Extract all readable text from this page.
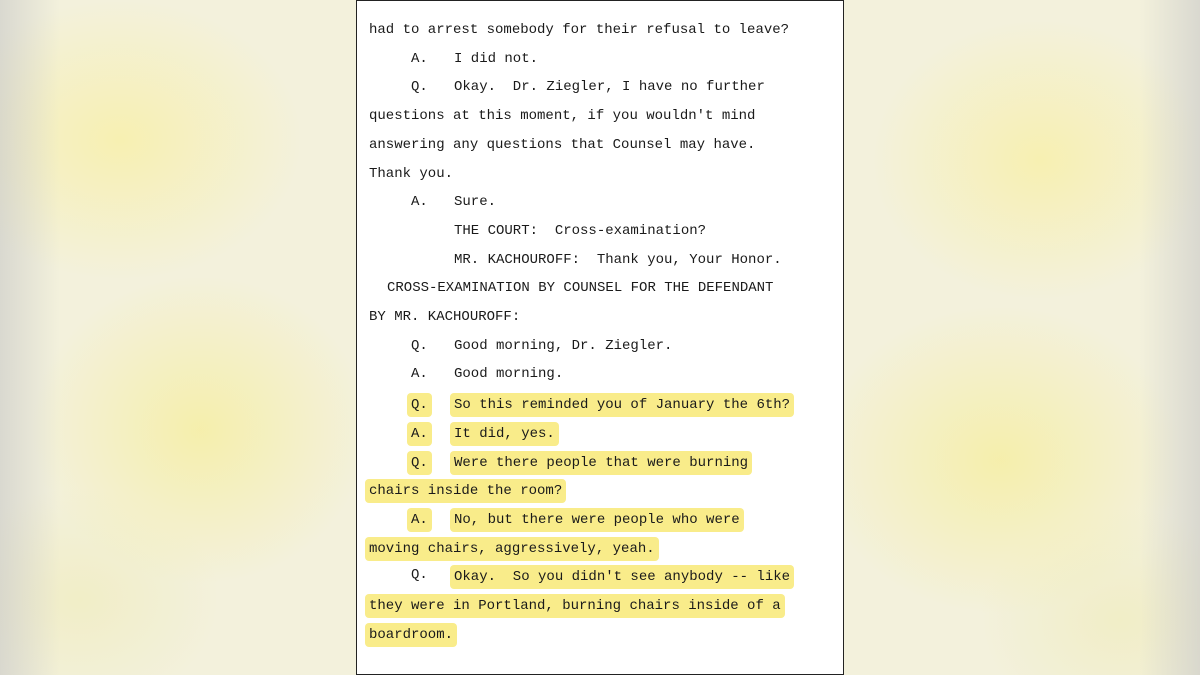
had to arrest somebody for their refusal to leave?
A. I did not.
Q. Okay.  Dr. Ziegler, I have no further
questions at this moment, if you wouldn't mind
answering any questions that Counsel may have.
Thank you.
A. Sure.
THE COURT:  Cross-examination?
MR. KACHOUROFF:  Thank you, Your Honor.
CROSS-EXAMINATION BY COUNSEL FOR THE DEFENDANT
BY MR. KACHOUROFF:
Q. Good morning, Dr. Ziegler.
A. Good morning.
Q. So this reminded you of January the 6th?
A. It did, yes.
Q. Were there people that were burning
chairs inside the room?
A. No, but there were people who were
moving chairs, aggressively, yeah.
Q. Okay.  So you didn't see anybody -- like
they were in Portland, burning chairs inside of a
boardroom.
